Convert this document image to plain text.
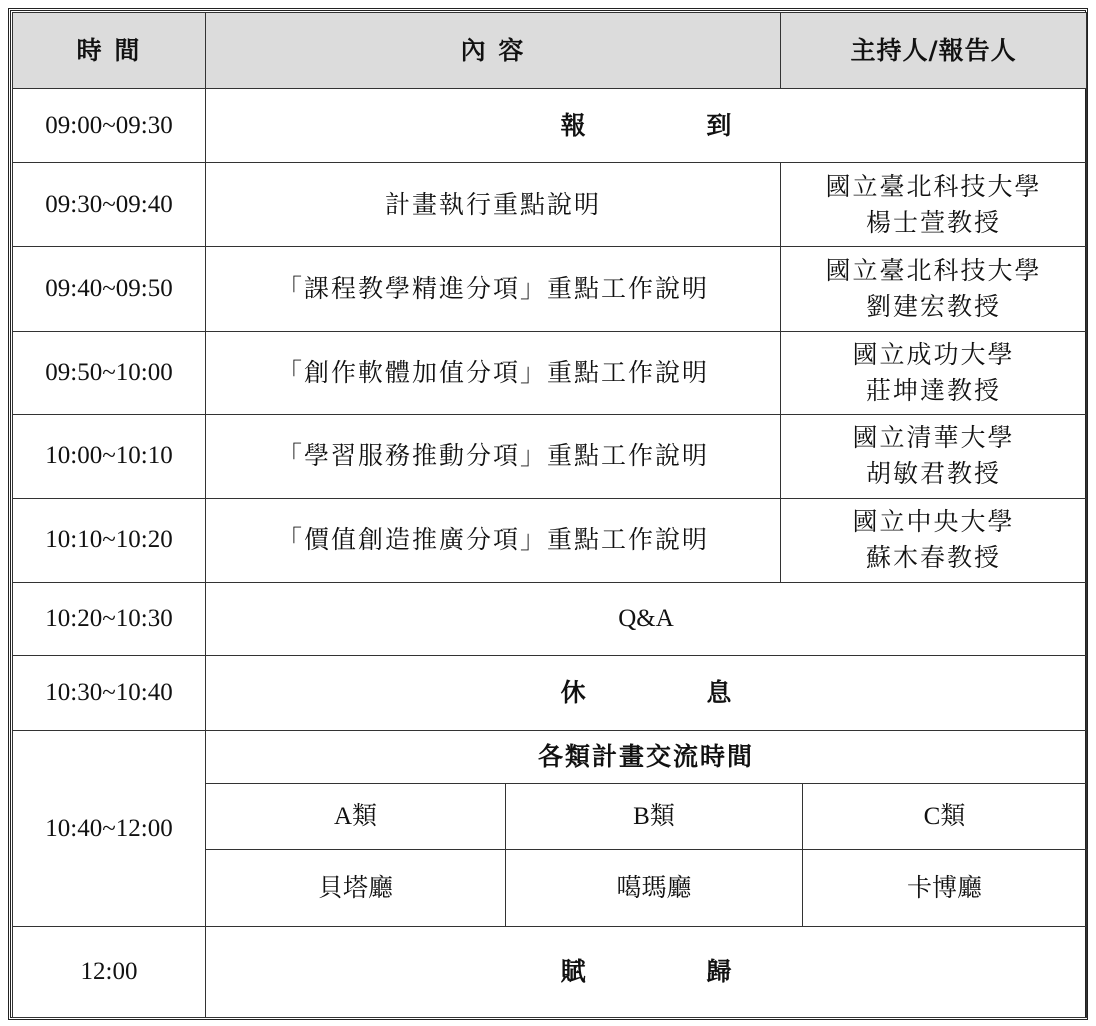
時 間	內 容		主持人/報告人	
09:00~09:30	報 到			
09:30~09:40	計畫執行重點說明		國立臺北科技大學
楊士萱教授	

09:40~09:50	「課程教學精進分項」重點工作說明		國立臺北科技大學
劉建宏教授	

09:50~10:00	「創作軟體加值分項」重點工作說明		國立成功大學
莊坤達教授	

10:00~10:10	「學習服務推動分項」重點工作說明		國立清華大學
胡敏君教授	

10:10~10:20	「價值創造推廣分項」重點工作說明		國立中央大學
蘇木春教授	

10:20~10:30	Q&A			
10:30~10:40	休 息			
10:40~12:00	各類計畫交流時間			
	A類	B類		C類
	貝塔廳	噶瑪廳		卡博廳
12:00	賦 歸			
